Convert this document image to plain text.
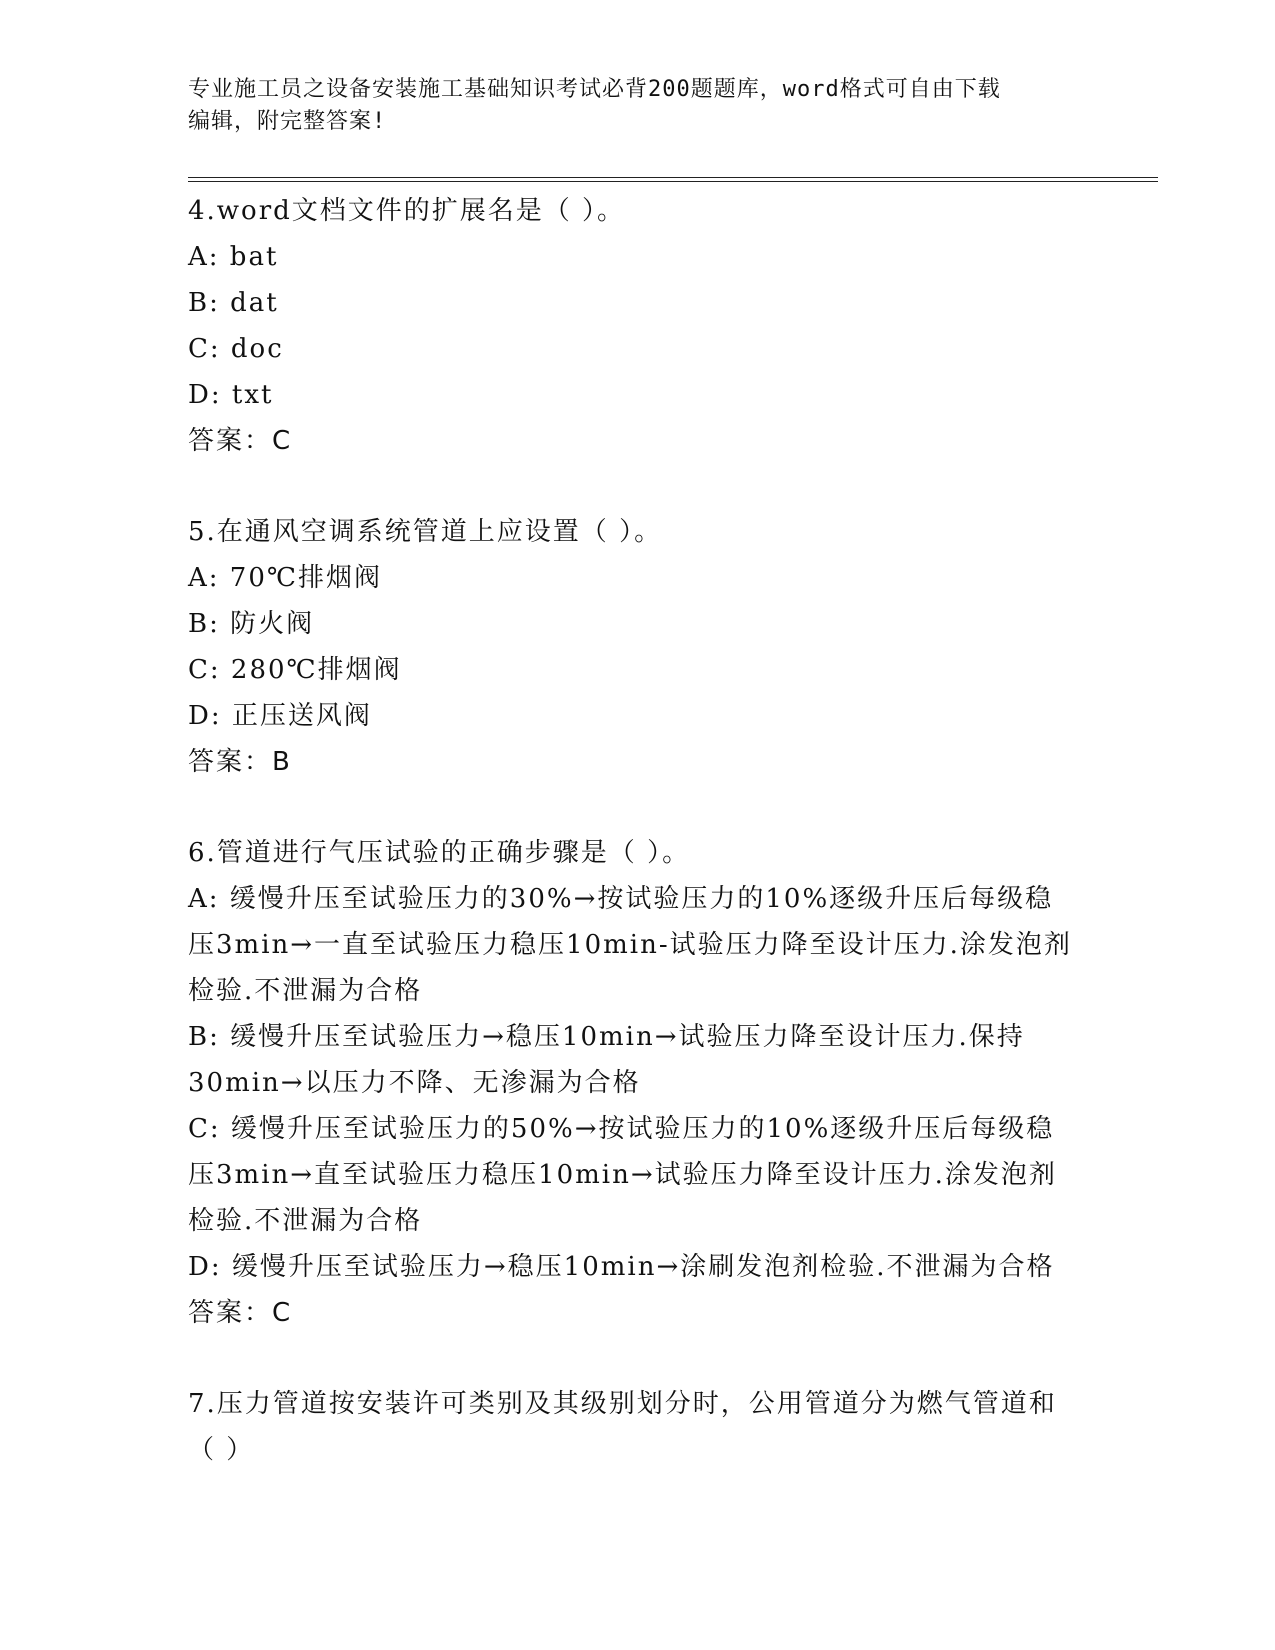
专业施工员之设备安装施工基础知识考试必背200题题库，word格式可自由下载
编辑，附完整答案!
4.word文档文件的扩展名是（ ）。
A: bat
B: dat
C: doc
D: txt
答案：C
5.在通风空调系统管道上应设置（ ）。
A: 70℃排烟阀
B: 防火阀
C: 280℃排烟阀
D: 正压送风阀
答案：B
6.管道进行气压试验的正确步骤是（ ）。
A: 缓慢升压至试验压力的30%→按试验压力的10%逐级升压后每级稳压3min→一直至试验压力稳压10min-试验压力降至设计压力.涂发泡剂检验.不泄漏为合格
B: 缓慢升压至试验压力→稳压10min→试验压力降至设计压力.保持30min→以压力不降、无渗漏为合格
C: 缓慢升压至试验压力的50%→按试验压力的10%逐级升压后每级稳压3min→直至试验压力稳压10min→试验压力降至设计压力.涂发泡剂检验.不泄漏为合格
D: 缓慢升压至试验压力→稳压10min→涂刷发泡剂检验.不泄漏为合格
答案：C
7.压力管道按安装许可类别及其级别划分时，公用管道分为燃气管道和（ ）
